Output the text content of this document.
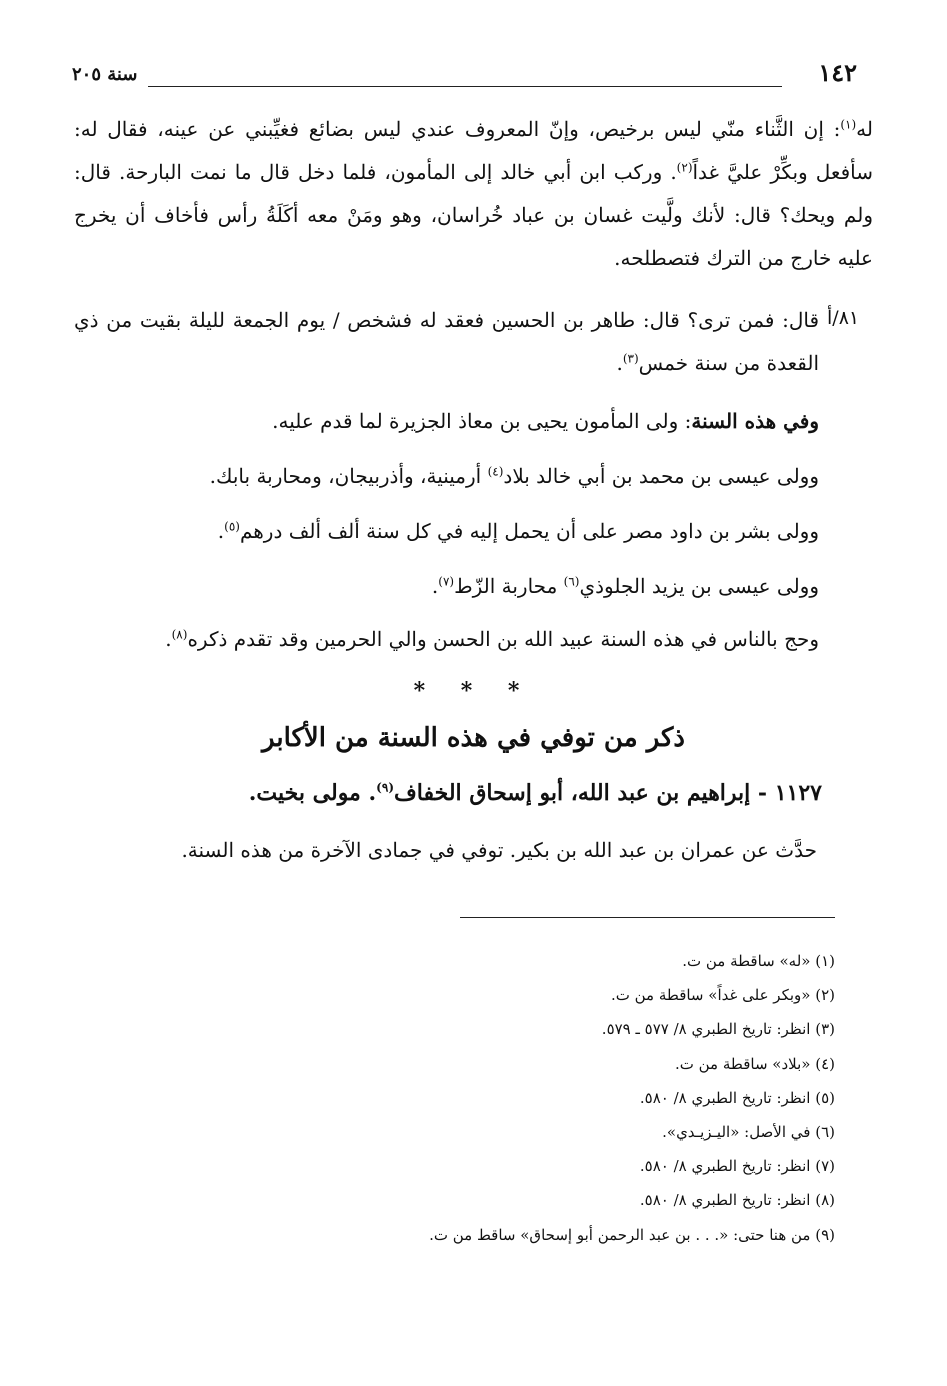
١٤٢
سنة ٢٠٥

له$^{(١)}$: إن الثَّناء منّي ليس برخيص، وإنّ المعروف عندي ليس بضائع فغيِّبني عن عينه، فقال له: سأفعل وبكِّرْ عليَّ غداً$^{(٢)}$. وركب ابن أبي خالد إلى المأمون، فلما دخل قال ما نمت البارحة. قال: ولم ويحك؟ قال: لأنك ولَّيت غسان بن عباد خُراسان، وهو ومَنْ معه أكَلَةُ رأس فأخاف أن يخرج عليه خارج من الترك فتصطلحه.

٨١/أ

قال: فمن ترى؟ قال: طاهر بن الحسين فعقد له فشخص / يوم الجمعة لليلة بقيت من ذي القعدة من سنة خمس$^{(٣)}$.

وفي هذه السنة: ولى المأمون يحيى بن معاذ الجزيرة لما قدم عليه.

وولى عيسى بن محمد بن أبي خالد بلاد$^{(٤)}$ أرمينية، وأذربيجان، ومحاربة بابك.

وولى بشر بن داود مصر على أن يحمل إليه في كل سنة ألف ألف درهم$^{(٥)}$.

وولى عيسى بن يزيد الجلوذي$^{(٦)}$ محاربة الزّط$^{(٧)}$.

وحج بالناس في هذه السنة عبيد الله بن الحسن والي الحرمين وقد تقدم ذكره$^{(٨)}$.

* * *
ذكر من توفي في هذه السنة من الأكابر
١١٢٧ - إبراهيم بن عبد الله، أبو إسحاق الخفاف$^{(٩)}$. مولى بخيت.
حدَّث عن عمران بن عبد الله بن بكير. توفي في جمادى الآخرة من هذه السنة.
(١) «له» ساقطة من ت.
(٢) «وبكر على غداً» ساقطة من ت.
(٣) انظر: تاريخ الطبري ٨/ ٥٧٧ ـ ٥٧٩.
(٤) «بلاد» ساقطة من ت.
(٥) انظر: تاريخ الطبري ٨/ ٥٨٠.
(٦) في الأصل: «اليـزيـدي».
(٧) انظر: تاريخ الطبري ٨/ ٥٨٠.
(٨) انظر: تاريخ الطبري ٨/ ٥٨٠.
(٩) من هنا حتى: «. . . بن عبد الرحمن أبو إسحاق» ساقط من ت.
